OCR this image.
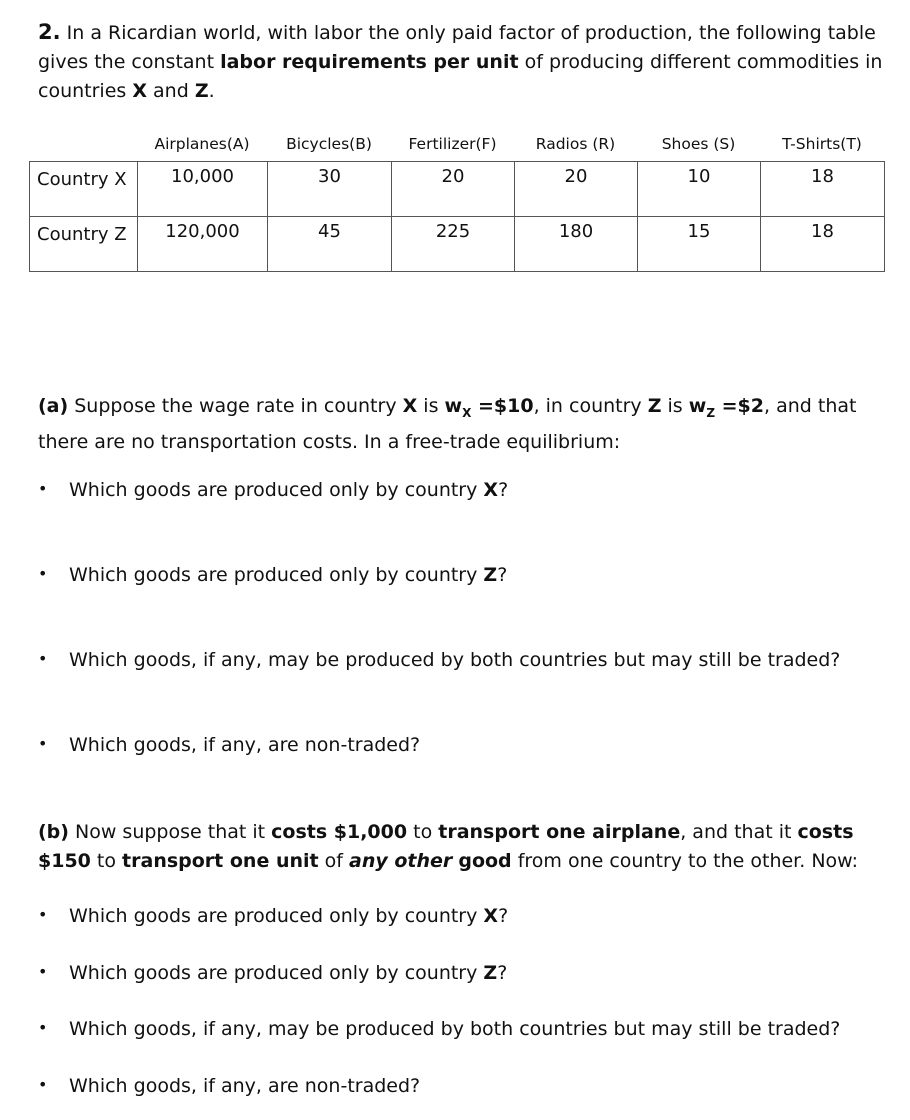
2. In a Ricardian world, with labor the only paid factor of production, the following table gives the constant labor requirements per unit of producing different commodities in countries X and Z.
Airplanes(A)	Bicycles(B)	Fertilizer(F)	Radios (R)	Shoes (S)	T-Shirts(T)
Country X	10,000	30	20	20	10	18
Country Z	120,000	45	225	180	15	18
(a) Suppose the wage rate in country X is $w_X$ =$10, in country Z is $w_Z$ =$2, and that there are no transportation costs. In a free-trade equilibrium:
• Which goods are produced only by country X?
• Which goods are produced only by country Z?
• Which goods, if any, may be produced by both countries but may still be traded?
• Which goods, if any, are non-traded?
(b) Now suppose that it costs $1,000 to transport one airplane, and that it costs $150 to transport one unit of any other good from one country to the other. Now:
• Which goods are produced only by country X?
• Which goods are produced only by country Z?
• Which goods, if any, may be produced by both countries but may still be traded?
• Which goods, if any, are non-traded?
